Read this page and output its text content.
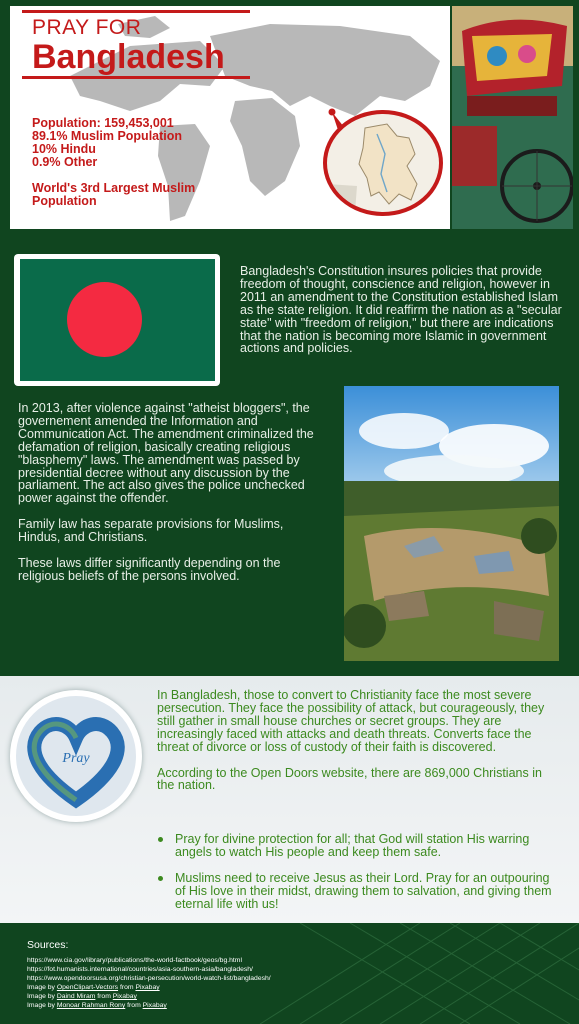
PRAY FOR
Bangladesh
Population: 159,453,001
89.1% Muslim Population
10% Hindu
0.9% Other
World's 3rd Largest Muslim
Population
Bangladesh's Constitution insures policies that provide freedom of thought, conscience and religion, however in 2011 an amendment to the Constitution established Islam as the state religion. It did reaffirm the nation as a "secular state" with "freedom of religion," but there are indications that the nation is becoming more Islamic in government actions and policies.
In 2013, after violence against "atheist bloggers", the governement amended the Information and Communication Act. The amendment criminalized the defamation of religion, basically creating religious "blasphemy" laws. The amendment was passed by presidential decree without any discussion by the parliament. The act also gives the police unchecked power against the offender.
Family law has separate provisions for Muslims, Hindus, and Christians.
These laws differ significantly depending on the religious beliefs of the persons involved.
Pray
In Bangladesh, those to convert to Christianity face the most severe persecution. They face the possibility of attack, but courageously, they still gather in small house churches or secret groups. They are increasingly faced with attacks and death threats. Converts face the threat of divorce or loss of custody of their faith is discovered.
According to the Open Doors website, there are 869,000 Christians in the nation.
Pray for divine protection for all; that God will station His warring angels to watch His people and keep them safe.
Muslims need to receive Jesus as their Lord. Pray for an outpouring of His love in their midst, drawing them to salvation, and giving them eternal life with us!
Sources:
https://www.cia.gov/library/publications/the-world-factbook/geos/bg.html
https://fot.humanists.international/countries/asia-southern-asia/bangladesh/
https://www.opendoorsusa.org/christian-persecution/world-watch-list/bangladesh/
Image by OpenClipart-Vectors from Pixabay
Image by Daind Miram from Pixabay
Image by Monoar Rahman Rony from Pixabay
